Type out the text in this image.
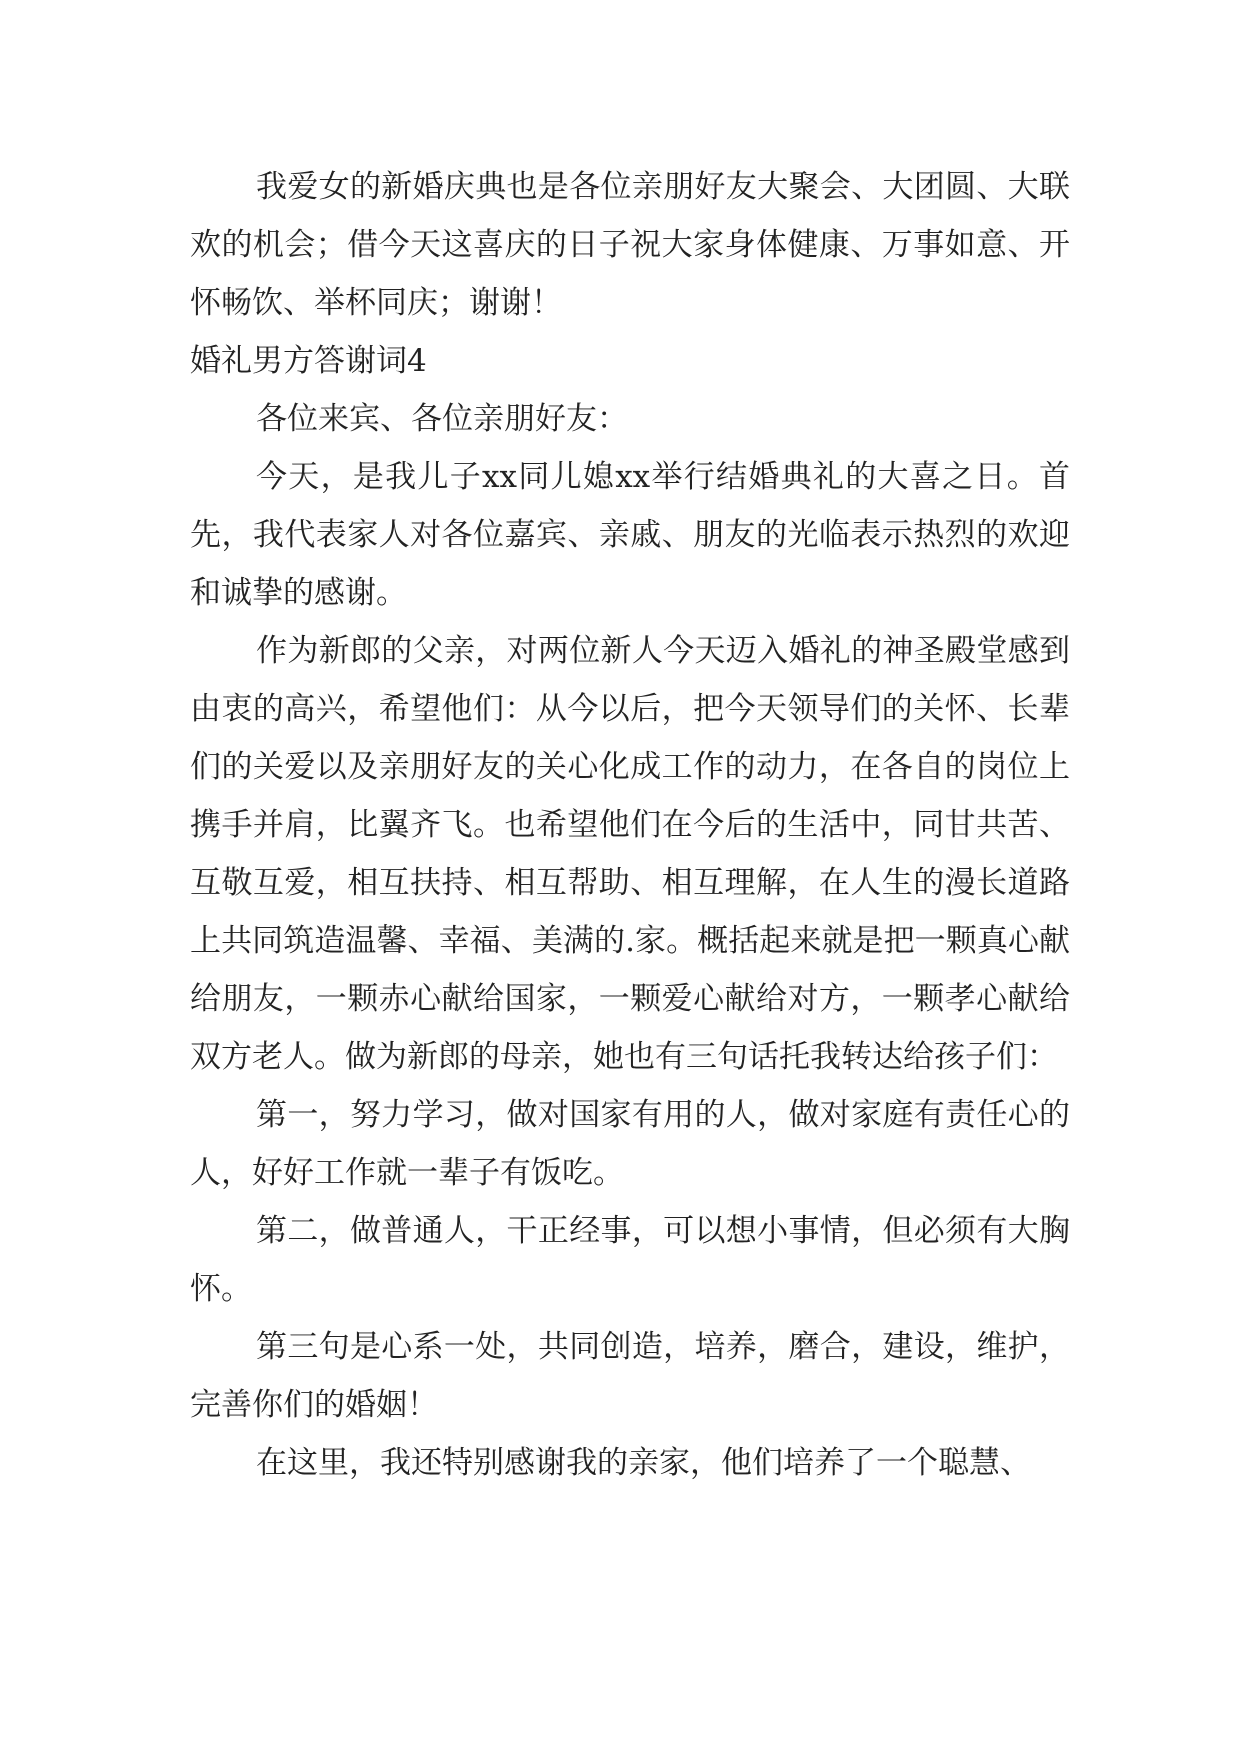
我爱女的新婚庆典也是各位亲朋好友大聚会、大团圆、大联欢的机会；借今天这喜庆的日子祝大家身体健康、万事如意、开怀畅饮、举杯同庆；谢谢！

婚礼男方答谢词4

各位来宾、各位亲朋好友：

今天，是我儿子xx同儿媳xx举行结婚典礼的大喜之日。首先，我代表家人对各位嘉宾、亲戚、朋友的光临表示热烈的欢迎和诚挚的感谢。

作为新郎的父亲，对两位新人今天迈入婚礼的神圣殿堂感到由衷的高兴，希望他们：从今以后，把今天领导们的关怀、长辈们的关爱以及亲朋好友的关心化成工作的动力，在各自的岗位上携手并肩，比翼齐飞。也希望他们在今后的生活中，同甘共苦、互敬互爱，相互扶持、相互帮助、相互理解，在人生的漫长道路上共同筑造温馨、幸福、美满的.家。概括起来就是把一颗真心献给朋友，一颗赤心献给国家，一颗爱心献给对方，一颗孝心献给双方老人。做为新郎的母亲，她也有三句话托我转达给孩子们：

第一，努力学习，做对国家有用的人，做对家庭有责任心的人，好好工作就一辈子有饭吃。

第二，做普通人，干正经事，可以想小事情，但必须有大胸怀。

第三句是心系一处，共同创造，培养，磨合，建设，维护，完善你们的婚姻！

在这里，我还特别感谢我的亲家，他们培养了一个聪慧、
